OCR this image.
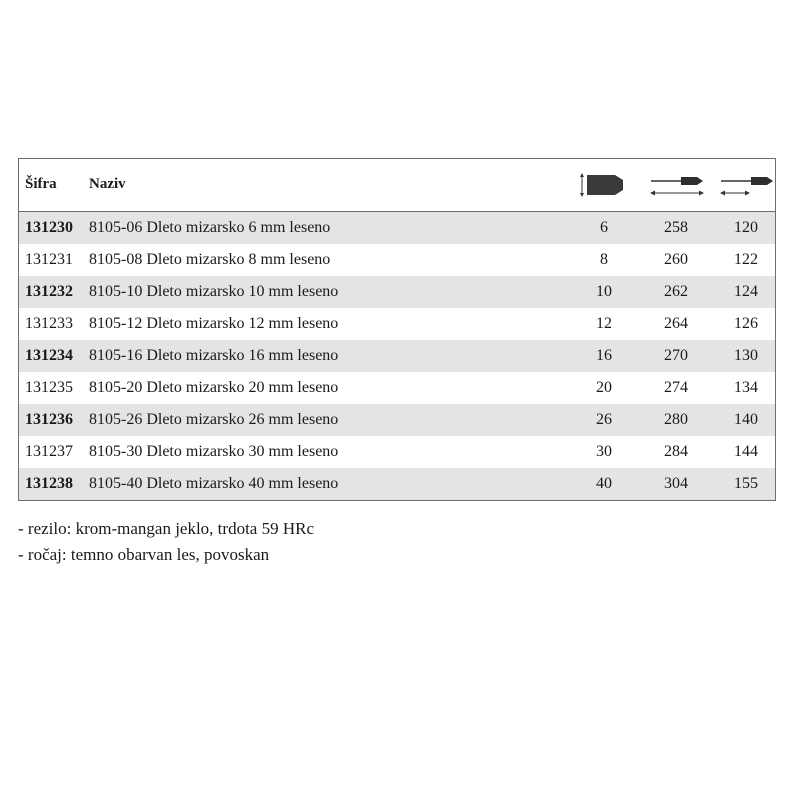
Šifra Naziv
131230 8105-06 Dleto mizarsko 6 mm leseno	6	258	120
131231 8105-08 Dleto mizarsko 8 mm leseno	8	260	122
131232 8105-10 Dleto mizarsko 10 mm leseno	10	262	124
131233 8105-12 Dleto mizarsko 12 mm leseno	12	264	126
131234 8105-16 Dleto mizarsko 16 mm leseno	16	270	130
131235 8105-20 Dleto mizarsko 20 mm leseno	20	274	134
131236 8105-26 Dleto mizarsko 26 mm leseno	26	280	140
131237 8105-30 Dleto mizarsko 30 mm leseno	30	284	144
131238 8105-40 Dleto mizarsko 40 mm leseno	40	304	155
- rezilo: krom-mangan jeklo, trdota 59 HRc
- ročaj: temno obarvan les, povoskan
